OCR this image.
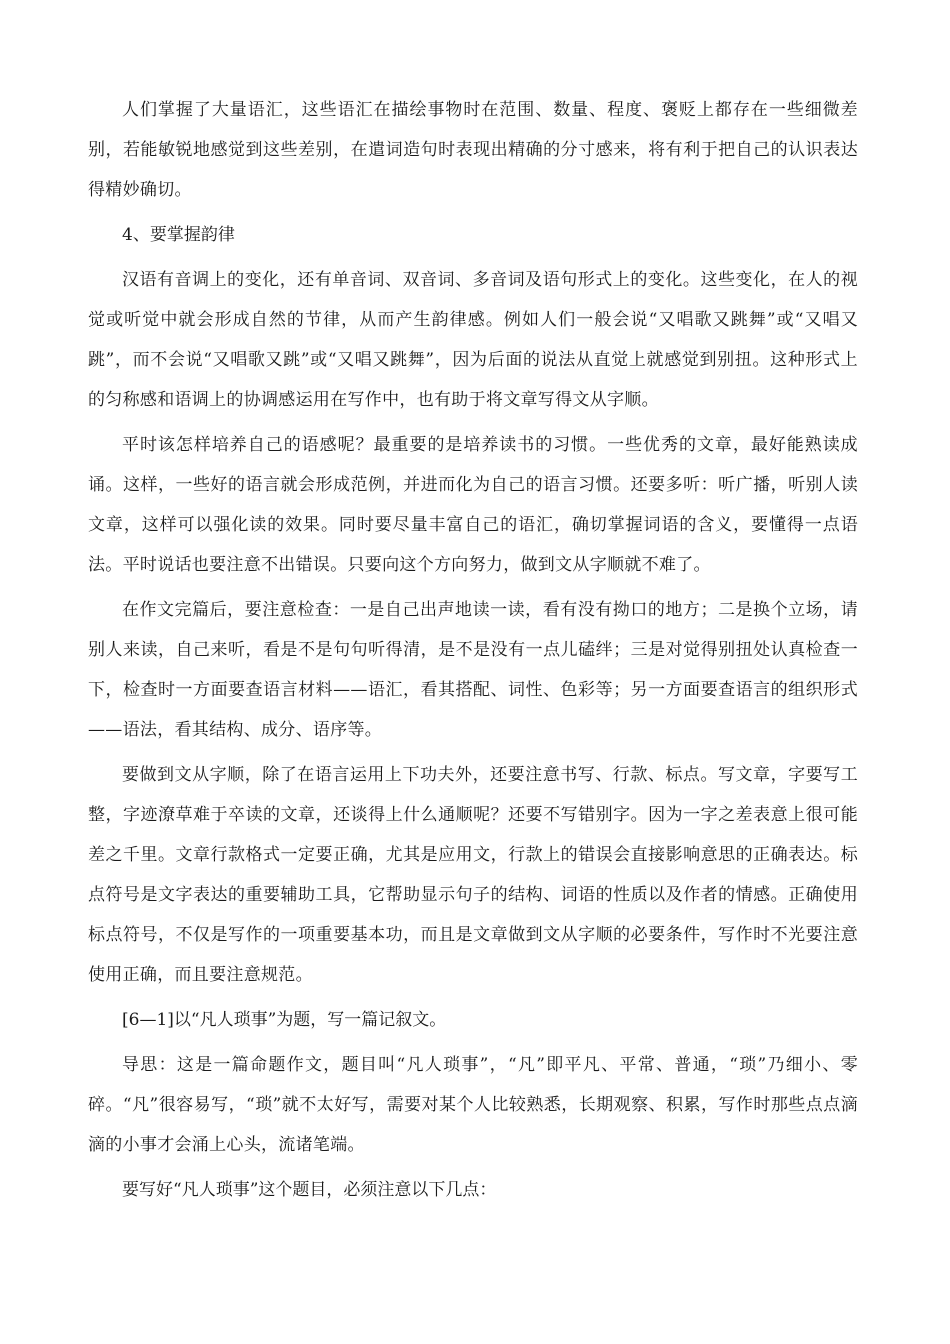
人们掌握了大量语汇，这些语汇在描绘事物时在范围、数量、程度、褒贬上都存在一些细微差别，若能敏锐地感觉到这些差别，在遣词造句时表现出精确的分寸感来，将有利于把自己的认识表达得精妙确切。

4、要掌握韵律

汉语有音调上的变化，还有单音词、双音词、多音词及语句形式上的变化。这些变化，在人的视觉或听觉中就会形成自然的节律，从而产生韵律感。例如人们一般会说“又唱歌又跳舞”或“又唱又跳”，而不会说“又唱歌又跳”或“又唱又跳舞”，因为后面的说法从直觉上就感觉到别扭。这种形式上的匀称感和语调上的协调感运用在写作中，也有助于将文章写得文从字顺。

平时该怎样培养自己的语感呢？最重要的是培养读书的习惯。一些优秀的文章，最好能熟读成诵。这样，一些好的语言就会形成范例，并进而化为自己的语言习惯。还要多听：听广播，听别人读文章，这样可以强化读的效果。同时要尽量丰富自己的语汇，确切掌握词语的含义，要懂得一点语法。平时说话也要注意不出错误。只要向这个方向努力，做到文从字顺就不难了。

在作文完篇后，要注意检查：一是自己出声地读一读，看有没有拗口的地方；二是换个立场，请别人来读，自己来听，看是不是句句听得清，是不是没有一点儿磕绊；三是对觉得别扭处认真检查一下，检查时一方面要查语言材料——语汇，看其搭配、词性、色彩等；另一方面要查语言的组织形式——语法，看其结构、成分、语序等。

要做到文从字顺，除了在语言运用上下功夫外，还要注意书写、行款、标点。写文章，字要写工整，字迹潦草难于卒读的文章，还谈得上什么通顺呢？还要不写错别字。因为一字之差表意上很可能差之千里。文章行款格式一定要正确，尤其是应用文，行款上的错误会直接影响意思的正确表达。标点符号是文字表达的重要辅助工具，它帮助显示句子的结构、词语的性质以及作者的情感。正确使用标点符号，不仅是写作的一项重要基本功，而且是文章做到文从字顺的必要条件，写作时不光要注意使用正确，而且要注意规范。

[6—1]以“凡人琐事”为题，写一篇记叙文。

导思：这是一篇命题作文，题目叫“凡人琐事”，“凡”即平凡、平常、普通，“琐”乃细小、零碎。“凡”很容易写，“琐”就不太好写，需要对某个人比较熟悉，长期观察、积累，写作时那些点点滴滴的小事才会涌上心头，流诸笔端。

要写好“凡人琐事”这个题目，必须注意以下几点：
